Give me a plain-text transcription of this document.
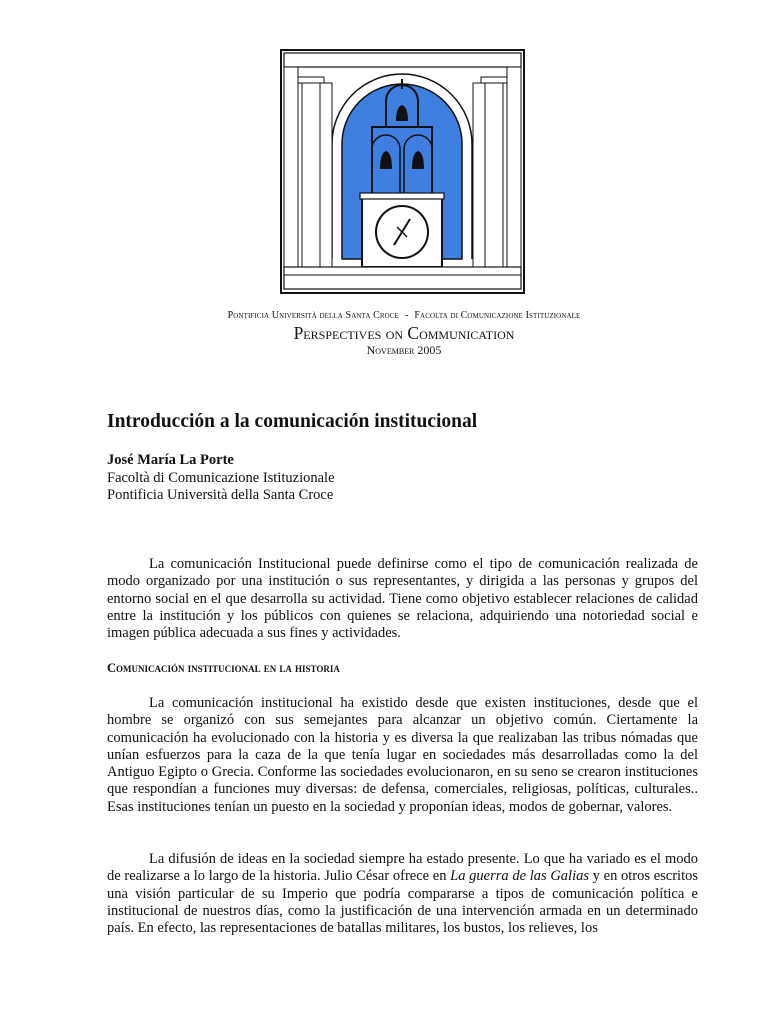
Pontificia Università della Santa Croce - Facolta di Comunicazione Istituzionale
Perspectives on Communication
November 2005
Introducción a la comunicación institucional
José María La Porte
Facoltà di Comunicazione Istituzionale
Pontificia Università della Santa Croce

La comunicación Institucional puede definirse como el tipo de comunicación realizada de modo organizado por una institución o sus representantes, y dirigida a las personas y grupos del entorno social en el que desarrolla su actividad. Tiene como objetivo establecer relaciones de calidad entre la institución y los públicos con quienes se relaciona, adquiriendo una notoriedad social e imagen pública adecuada a sus fines y actividades.

Comunicación institucional en la historia

La comunicación institucional ha existido desde que existen instituciones, desde que el hombre se organizó con sus semejantes para alcanzar un objetivo común. Ciertamente la comunicación ha evolucionado con la historia y es diversa la que realizaban las tribus nómadas que unían esfuerzos para la caza de la que tenía lugar en sociedades más desarrolladas como la del Antiguo Egipto o Grecia. Conforme las sociedades evolucionaron, en su seno se crearon instituciones que respondían a funciones muy diversas: de defensa, comerciales, religiosas, políticas, culturales.. Esas instituciones tenían un puesto en la sociedad y proponían ideas, modos de gobernar, valores.

La difusión de ideas en la sociedad siempre ha estado presente. Lo que ha variado es el modo de realizarse a lo largo de la historia. Julio César ofrece en La guerra de las Galias y en otros escritos una visión particular de su Imperio que podría compararse a tipos de comunicación política e institucional de nuestros días, como la justificación de una intervención armada en un determinado país. En efecto, las representaciones de batallas militares, los bustos, los relieves, los
